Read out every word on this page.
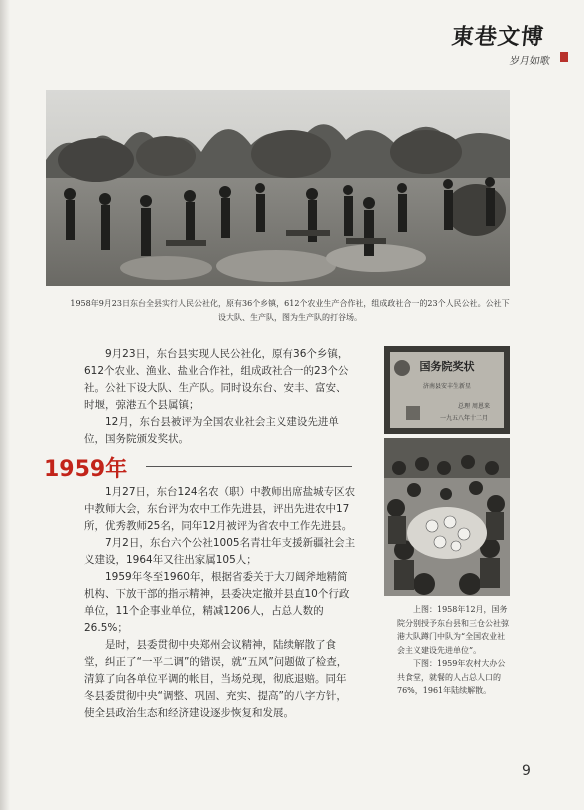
東巷文博
岁月如歌
1958年9月23日东台全县实行人民公社化，原有36个乡镇，612个农业生产合作社，组成政社合一的23个人民公社。公社下设大队、生产队，图为生产队的打谷场。

9月23日，东台县实现人民公社化，原有36个乡镇，612个农业、渔业、盐业合作社，组成政社合一的23个公社。公社下设大队、生产队。同时设东台、安丰、富安、时堰，弶港五个县属镇；

12月，东台县被评为全国农业社会主义建设先进单位，国务院颁发奖状。

国务院奖状
济南县安丰生新星
总理 周恩来
一九五八年十二月
1959年

1月27日，东台124名农（职）中教师出席盐城专区农中教师大会，东台评为农中工作先进县，评出先进农中17所，优秀教师25名，同年12月被评为省农中工作先进县。

7月2日，东台六个公社1005名青壮年支援新疆社会主义建设，1964年又往出家属105人；

1959年冬至1960年，根据省委关于大刀阔斧地精简机构、下放干部的指示精神，县委决定撤并县直10个行政单位，11个企事业单位，精减1206人，占总人数的26.5%；

是时，县委贯彻中央郑州会议精神，陆续解散了食堂，纠正了“一平二调”的错误，就“五风”问题做了检查，清算了向各单位平调的帐目，当场兑现，彻底退赔。同年冬县委贯彻中央“调整、巩固、充实、提高”的八字方针，使全县政治生态和经济建设逐步恢复和发展。

上图：1958年12月，国务院分别授予东台县和三仓公社弶港大队蹲门中队为“全国农业社会主义建设先进单位”。

下图：1959年农村大办公共食堂，就餐的人占总人口的76%，1961年陆续解散。

9
